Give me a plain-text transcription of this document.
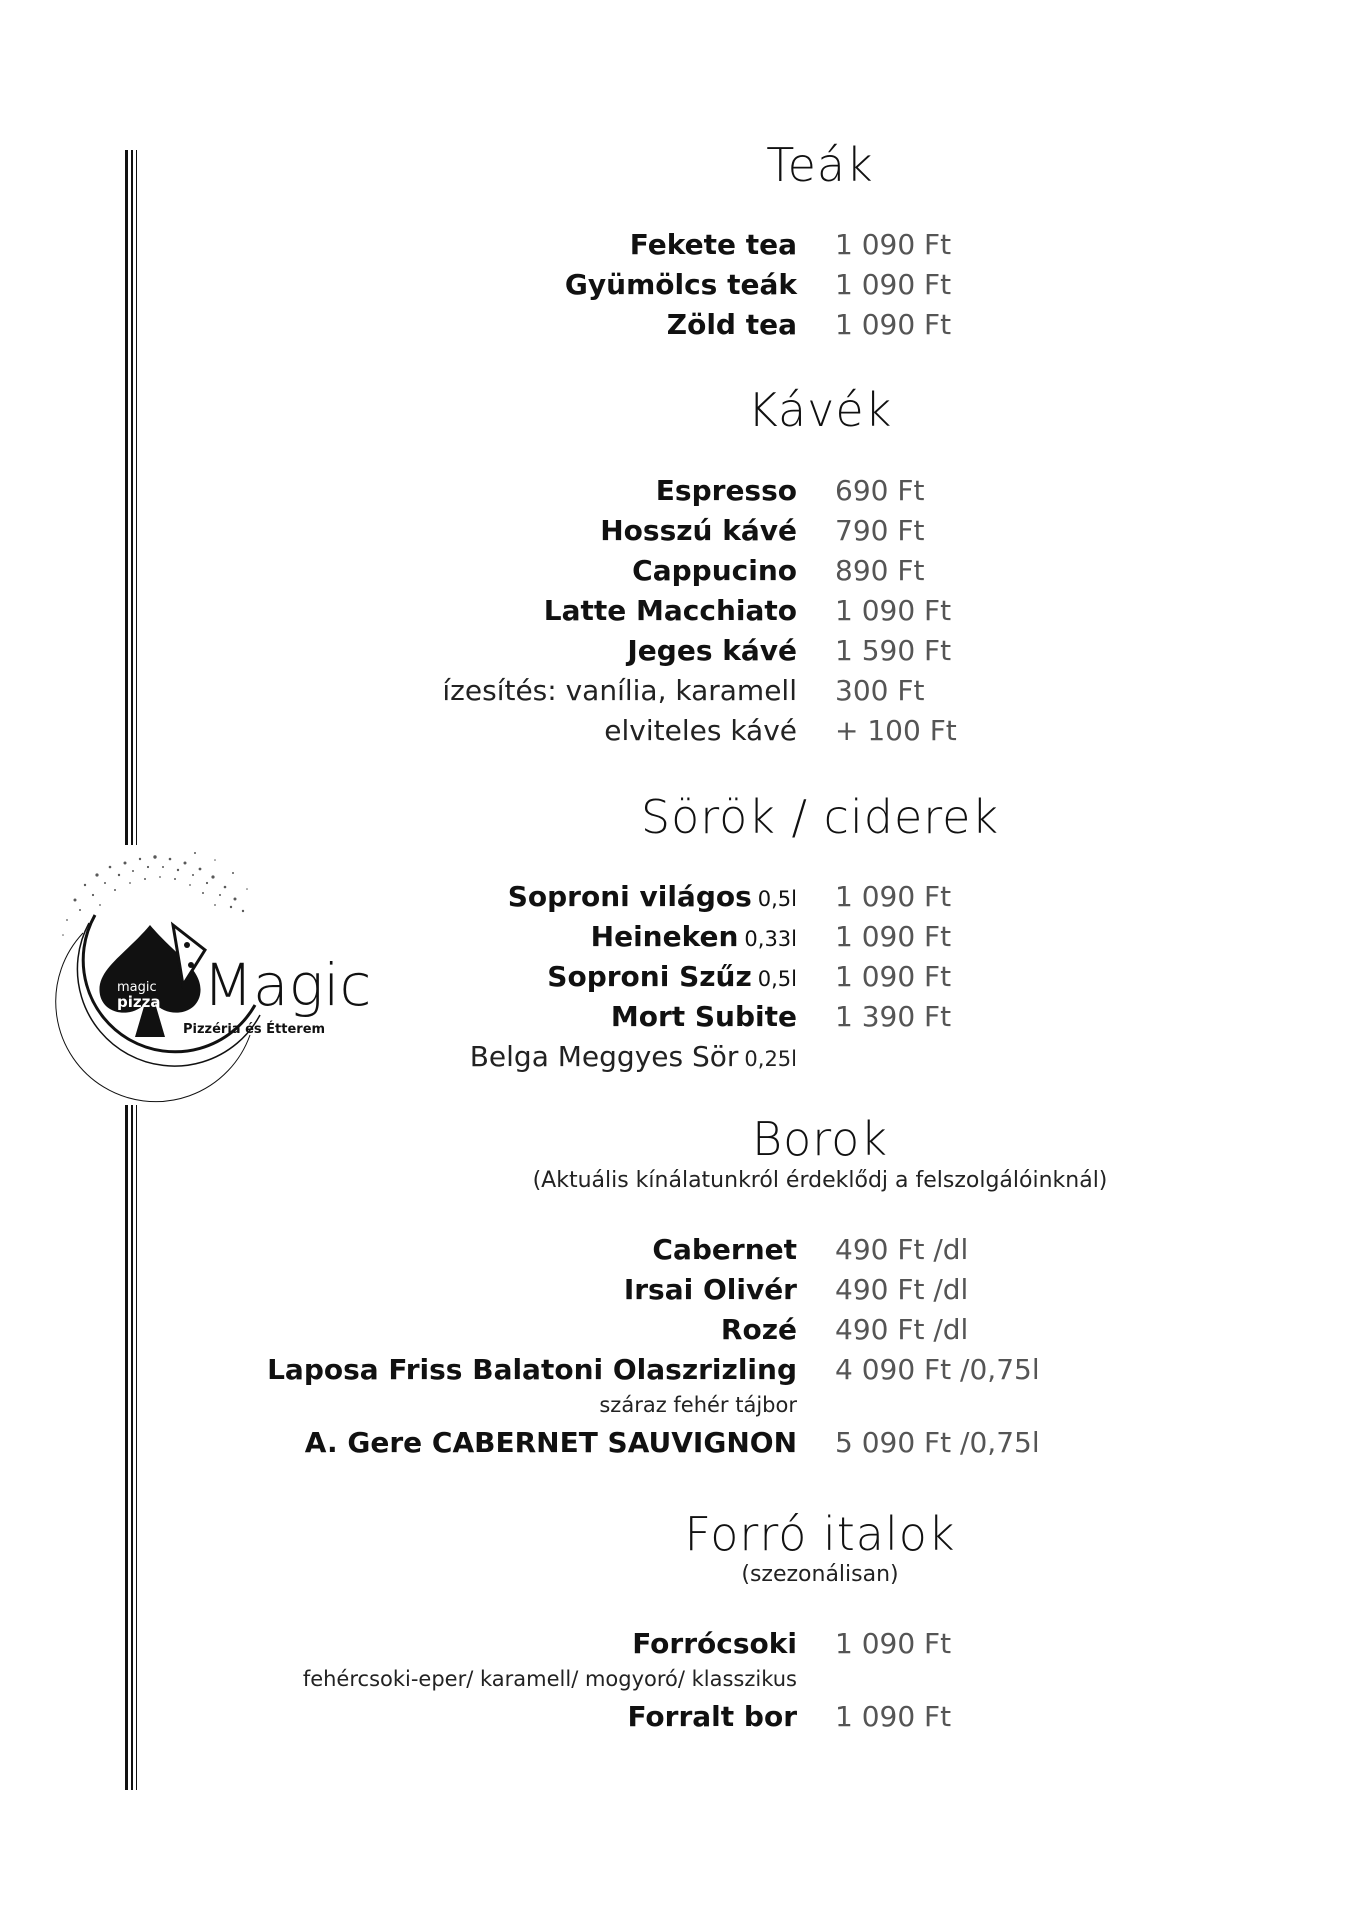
magic
pizza Magic
Pizzéria és Étterem
Teák
Fekete tea 1 090 Ft
Gyümölcs teák 1 090 Ft
Zöld tea 1 090 Ft
Kávék
Espresso 690 Ft
Hosszú kávé 790 Ft
Cappucino 890 Ft
Latte Macchiato 1 090 Ft
Jeges kávé 1 590 Ft
ízesítés: vanília, karamell 300 Ft
elviteles kávé + 100 Ft
Sörök / ciderek
Soproni világos 0,5l 1 090 Ft
Heineken 0,33l 1 090 Ft
Soproni Szűz 0,5l 1 090 Ft
Mort Subite 1 390 Ft
Belga Meggyes Sör 0,25l
Borok
(Aktuális kínálatunkról érdeklődj a felszolgálóinknál)
Cabernet 490 Ft /dl
Irsai Olivér 490 Ft /dl
Rozé 490 Ft /dl
Laposa Friss Balatoni Olaszrizling 4 090 Ft /0,75l
száraz fehér tájbor
A. Gere CABERNET SAUVIGNON 5 090 Ft /0,75l
Forró italok
(szezonálisan)
Forrócsoki 1 090 Ft
fehércsoki-eper/ karamell/ mogyoró/ klasszikus
Forralt bor 1 090 Ft
